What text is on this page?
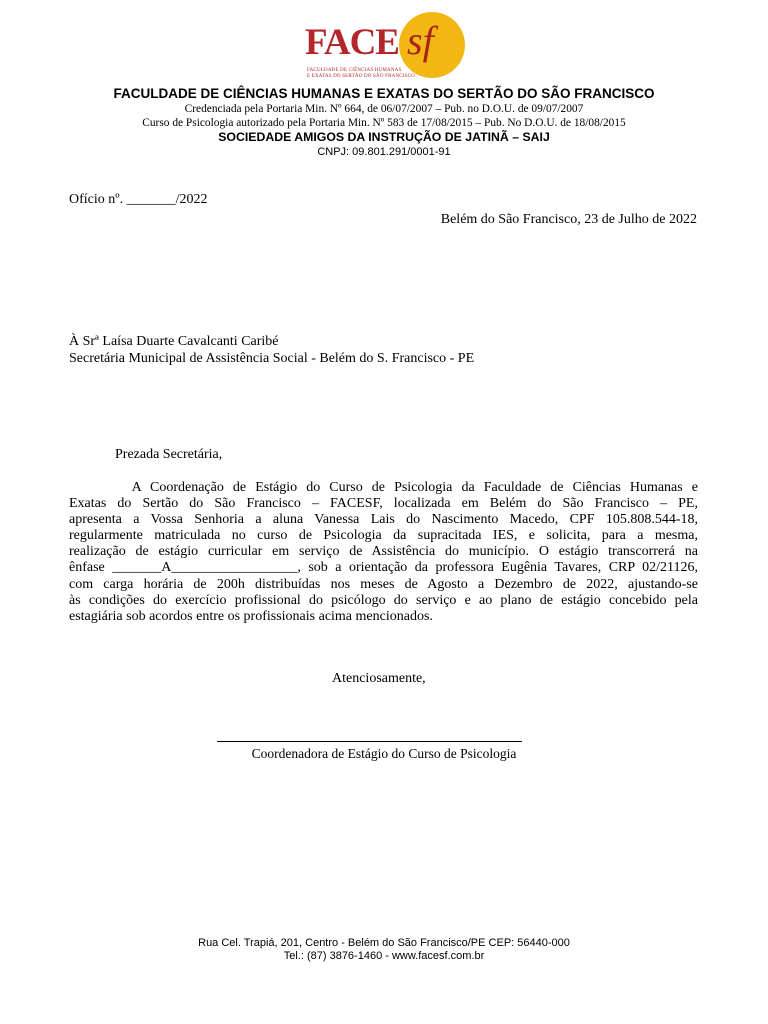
FACE sf
FACULDADE DE CIÊNCIAS HUMANAS
E EXATAS DO SERTÃO DO SÃO FRANCISCO
FACULDADE DE CIÊNCIAS HUMANAS E EXATAS DO SERTÃO DO SÃO FRANCISCO
Credenciada pela Portaria Min. Nº 664, de 06/07/2007 – Pub. no D.O.U. de 09/07/2007
Curso de Psicologia autorizado pela Portaria Min. Nº 583 de 17/08/2015 – Pub. No D.O.U. de 18/08/2015
SOCIEDADE AMIGOS DA INSTRUÇÃO DE JATINÃ – SAIJ
CNPJ: 09.801.291/0001-91
Ofício nº. _______/2022
Belém do São Francisco, 23 de Julho de 2022
À Srª Laísa Duarte Cavalcanti Caribé
Secretária Municipal de Assistência Social - Belém do S. Francisco - PE
Prezada Secretária,
A Coordenação de Estágio do Curso de Psicologia da Faculdade de Ciências Humanas e
Exatas do Sertão do São Francisco – FACESF, localizada em Belém do São Francisco – PE,
apresenta a Vossa Senhoria a aluna Vanessa Lais do Nascimento Macedo, CPF 105.808.544-18,
regularmente matriculada no curso de Psicologia da supracitada IES, e solicita, para a mesma,
realização de estágio curricular em serviço de Assistência do município. O estágio transcorrerá na
ênfase _______A__________________, sob a orientação da professora Eugênia Tavares, CRP 02/21126,
com carga horária de 200h distribuídas nos meses de Agosto a Dezembro de 2022, ajustando-se
às condições do exercício profissional do psicólogo do serviço e ao plano de estágio concebido pela
estagiária sob acordos entre os profissionais acima mencionados.
Atenciosamente,
Coordenadora de Estágio do Curso de Psicologia
Rua Cel. Trapiá, 201, Centro - Belém do São Francisco/PE CEP: 56440-000
Tel.: (87) 3876-1460 - www.facesf.com.br
